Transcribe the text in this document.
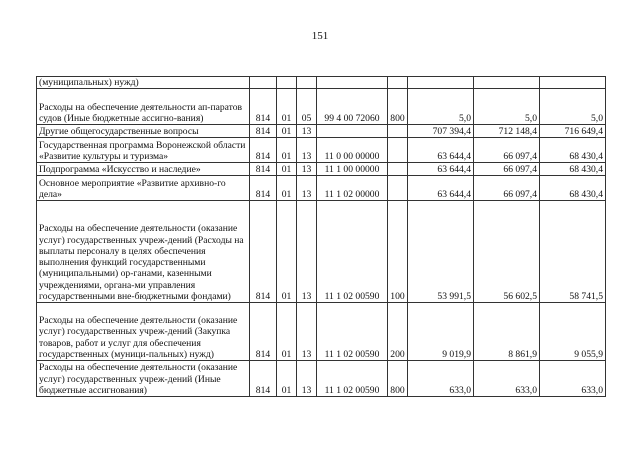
151
(муниципальных) нужд)								
Расходы на обеспечение деятельности ап-паратов судов (Иные бюджетные ассигно-вания)	814	01	05	99 4 00 72060	800	5,0	5,0	5,0
Другие общегосударственные вопросы	814	01	13			707 394,4	712 148,4	716 649,4
Государственная программа Воронежской области «Развитие культуры и туризма»	814	01	13	11 0 00 00000		63 644,4	66 097,4	68 430,4
Подпрограмма «Искусство и наследие»	814	01	13	11 1 00 00000		63 644,4	66 097,4	68 430,4
Основное мероприятие «Развитие архивно-го дела»	814	01	13	11 1 02 00000		63 644,4	66 097,4	68 430,4
Расходы на обеспечение деятельности (оказание услуг) государственных учреж-дений (Расходы на выплаты персоналу в целях обеспечения выполнения функций государственными (муниципальными) ор-ганами, казенными учреждениями, органа-ми управления государственными вне-бюджетными фондами)	814	01	13	11 1 02 00590	100	53 991,5	56 602,5	58 741,5
Расходы на обеспечение деятельности (оказание услуг) государственных учреж-дений (Закупка товаров, работ и услуг для обеспечения государственных (муници-пальных) нужд)	814	01	13	11 1 02 00590	200	9 019,9	8 861,9	9 055,9
Расходы на обеспечение деятельности (оказание услуг) государственных учреж-дений (Иные бюджетные ассигнования)	814	01	13	11 1 02 00590	800	633,0	633,0	633,0
